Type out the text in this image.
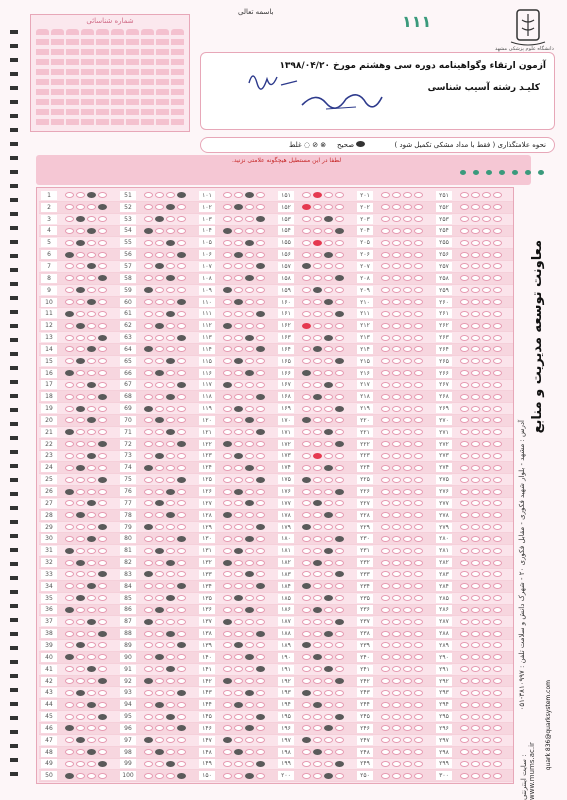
شماره شناسائی
باسمه تعالی	۱۱۱
دانشگاه علوم پزشکی مشهد
آزمون ارتقاء وگواهینامه دوره سی وهشتم مورخ ۱۳۹۸/۰۴/۲۰
کلیـد رشته آسیب شناسی
نحوه علامتگذاری ( فقط با مداد مشکی تکمیل شود )
صحیح
غلط ◌ ⊘ ⊗
لطفا در این مستطیل هیچگونه علامتی نزنید.
1
2
3
4
5
6
7
8
9
10
11
12
13
14
15
16
17
18
19
20
21
22
23
24
25
26
27
28
29
30
31
32
33
34
35
36
37
38
39
40
41
42
43
44
45
46
47
48
49
50
51
52
53
54
55
56
57
58
59
60
61
62
63
64
65
66
67
68
69
70
71
72
73
74
75
76
77
78
79
80
81
82
83
84
85
86
87
88
89
90
91
92
93
94
95
96
97
98
99
100
۱۰۱
۱۰۲
۱۰۳
۱۰۴
۱۰۵
۱۰۶
۱۰۷
۱۰۸
۱۰۹
۱۱۰
۱۱۱
۱۱۲
۱۱۳
۱۱۴
۱۱۵
۱۱۶
۱۱۷
۱۱۸
۱۱۹
۱۲۰
۱۲۱
۱۲۲
۱۲۳
۱۲۴
۱۲۵
۱۲۶
۱۲۷
۱۲۸
۱۲۹
۱۳۰
۱۳۱
۱۳۲
۱۳۳
۱۳۴
۱۳۵
۱۳۶
۱۳۷
۱۳۸
۱۳۹
۱۴۰
۱۴۱
۱۴۲
۱۴۳
۱۴۴
۱۴۵
۱۴۶
۱۴۷
۱۴۸
۱۴۹
۱۵۰
۱۵۱
۱۵۲
۱۵۳
۱۵۴
۱۵۵
۱۵۶
۱۵۷
۱۵۸
۱۵۹
۱۶۰
۱۶۱
۱۶۲
۱۶۳
۱۶۴
۱۶۵
۱۶۶
۱۶۷
۱۶۸
۱۶۹
۱۷۰
۱۷۱
۱۷۲
۱۷۳
۱۷۴
۱۷۵
۱۷۶
۱۷۷
۱۷۸
۱۷۹
۱۸۰
۱۸۱
۱۸۲
۱۸۳
۱۸۴
۱۸۵
۱۸۶
۱۸۷
۱۸۸
۱۸۹
۱۹۰
۱۹۱
۱۹۲
۱۹۳
۱۹۴
۱۹۵
۱۹۶
۱۹۷
۱۹۸
۱۹۹
۲۰۰
۲۰۱
۲۰۲
۲۰۳
۲۰۴
۲۰۵
۲۰۶
۲۰۷
۲۰۸
۲۰۹
۲۱۰
۲۱۱
۲۱۲
۲۱۳
۲۱۴
۲۱۵
۲۱۶
۲۱۷
۲۱۸
۲۱۹
۲۲۰
۲۲۱
۲۲۲
۲۲۳
۲۲۴
۲۲۵
۲۲۶
۲۲۷
۲۲۸
۲۲۹
۲۳۰
۲۳۱
۲۳۲
۲۳۳
۲۳۴
۲۳۵
۲۳۶
۲۳۷
۲۳۸
۲۳۹
۲۴۰
۲۴۱
۲۴۲
۲۴۳
۲۴۴
۲۴۵
۲۴۶
۲۴۷
۲۴۸
۲۴۹
۲۵۰
۲۵۱
۲۵۲
۲۵۳
۲۵۴
۲۵۵
۲۵۶
۲۵۷
۲۵۸
۲۵۹
۲۶۰
۲۶۱
۲۶۲
۲۶۳
۲۶۴
۲۶۵
۲۶۶
۲۶۷
۲۶۸
۲۶۹
۲۷۰
۲۷۱
۲۷۲
۲۷۳
۲۷۴
۲۷۵
۲۷۶
۲۷۷
۲۷۸
۲۷۹
۲۸۰
۲۸۱
۲۸۲
۲۸۳
۲۸۴
۲۸۵
۲۸۶
۲۸۷
۲۸۸
۲۸۹
۲۹۰
۲۹۱
۲۹۲
۲۹۳
۲۹۴
۲۹۵
۲۹۶
۲۹۷
۲۹۸
۲۹۹
۳۰۰
معاونت توسعه مدیریت و منابع
آدرس : مشهد - بلوار شهید فکوری - مقابل فکوری ۲۰ - شهرک دانش و سلامت تلفن : ۳۸۱۰۹۹۷-۰۵۱
سایت اینترنتی : www.mums.ac.ir
quark 836@quarksystem.com
